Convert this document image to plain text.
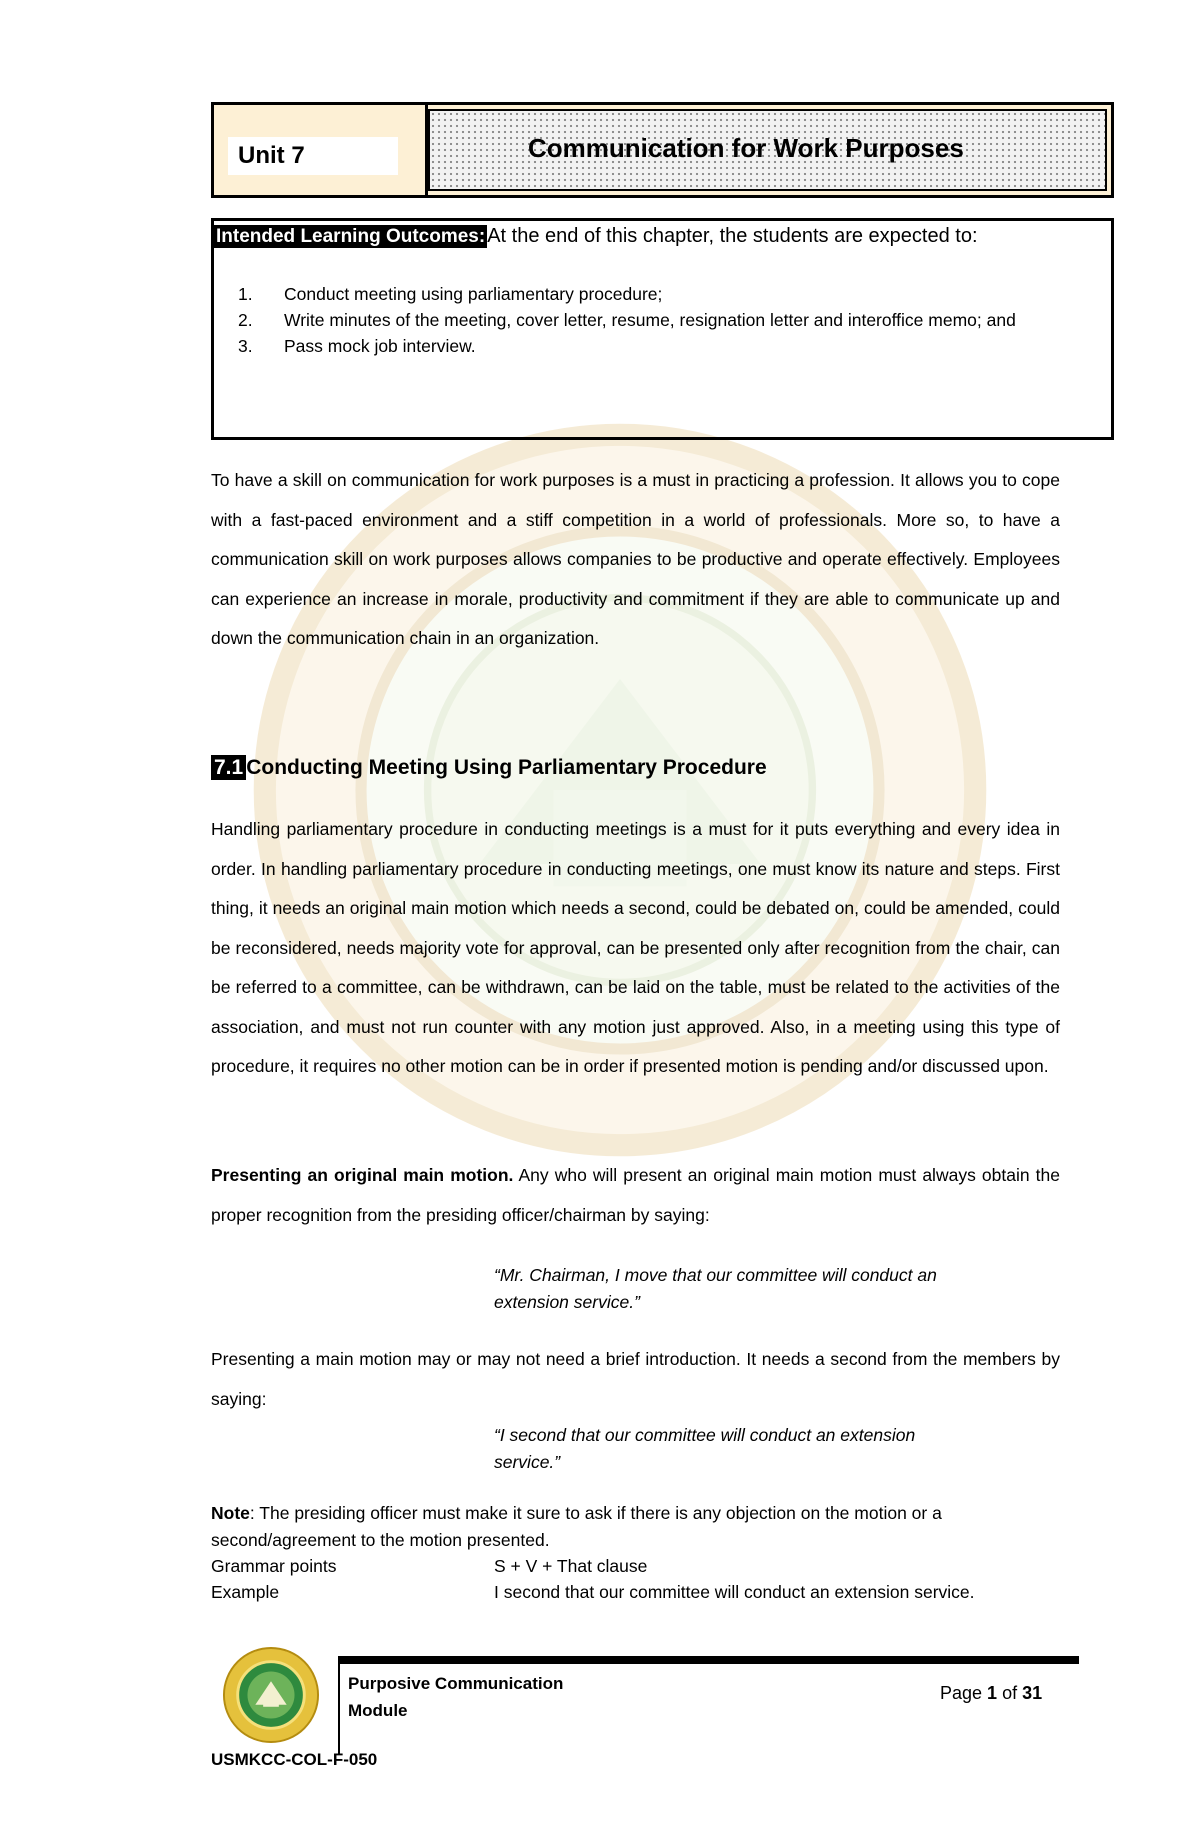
Unit 7	Communication for Work Purposes
Intended Learning Outcomes: At the end of this chapter, the students are expected to:
1. Conduct meeting using parliamentary procedure;
2. Write minutes of the meeting, cover letter, resume, resignation letter and interoffice memo; and
3. Pass mock job interview.
To have a skill on communication for work purposes is a must in practicing a profession. It allows you to cope with a fast-paced environment and a stiff competition in a world of professionals. More so, to have a communication skill on work purposes allows companies to be productive and operate effectively. Employees can experience an increase in morale, productivity and commitment if they are able to communicate up and down the communication chain in an organization.
7.1 Conducting Meeting Using Parliamentary Procedure
Handling parliamentary procedure in conducting meetings is a must for it puts everything and every idea in order. In handling parliamentary procedure in conducting meetings, one must know its nature and steps. First thing, it needs an original main motion which needs a second, could be debated on, could be amended, could be reconsidered, needs majority vote for approval, can be presented only after recognition from the chair, can be referred to a committee, can be withdrawn, can be laid on the table, must be related to the activities of the association, and must not run counter with any motion just approved. Also, in a meeting using this type of procedure, it requires no other motion can be in order if presented motion is pending and/or discussed upon.
Presenting an original main motion. Any who will present an original main motion must always obtain the proper recognition from the presiding officer/chairman by saying:
“Mr. Chairman, I move that our committee will conduct an extension service.”
Presenting a main motion may or may not need a brief introduction. It needs a second from the members by saying:
“I second that our committee will conduct an extension service.”
Note: The presiding officer must make it sure to ask if there is any objection on the motion or a second/agreement to the motion presented.
Grammar points	S + V + That clause
Example	I second that our committee will conduct an extension service.
Purposive Communication
Module
Page 1 of 31
USMKCC-COL-F-050
